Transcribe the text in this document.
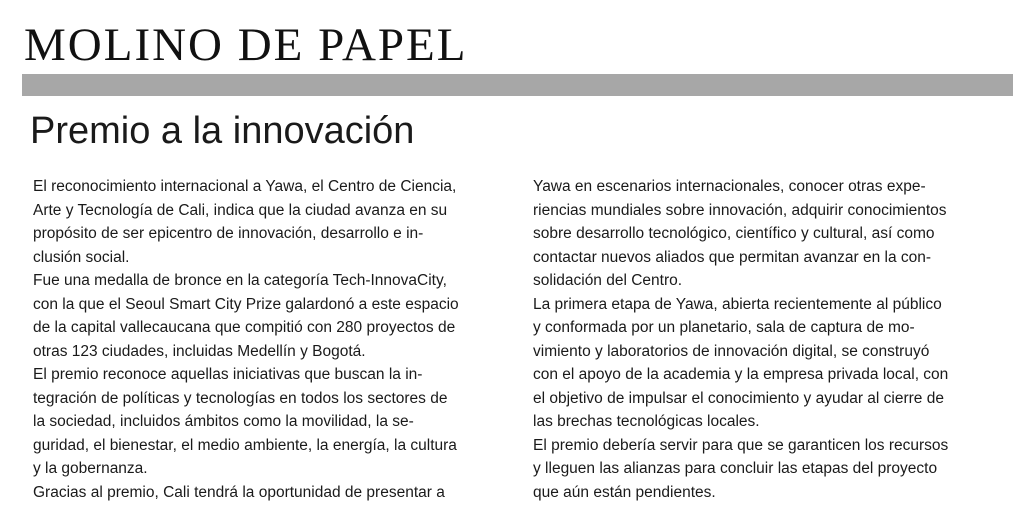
MOLINO DE PAPEL
Premio a la innovación
El reconocimiento internacional a Yawa, el Centro de Ciencia,
Arte y Tecnología de Cali, indica que la ciudad avanza en su
propósito de ser epicentro de innovación, desarrollo e in-
clusión social.
Fue una medalla de bronce en la categoría Tech-InnovaCity,
con la que el Seoul Smart City Prize galardonó a este espacio
de la capital vallecaucana que compitió con 280 proyectos de
otras 123 ciudades, incluidas Medellín y Bogotá.
El premio reconoce aquellas iniciativas que buscan la in-
tegración de políticas y tecnologías en todos los sectores de
la sociedad, incluidos ámbitos como la movilidad, la se-
guridad, el bienestar, el medio ambiente, la energía, la cultura
y la gobernanza.
Gracias al premio, Cali tendrá la oportunidad de presentar a
Yawa en escenarios internacionales, conocer otras expe-
riencias mundiales sobre innovación, adquirir conocimientos
sobre desarrollo tecnológico, científico y cultural, así como
contactar nuevos aliados que permitan avanzar en la con-
solidación del Centro.
La primera etapa de Yawa, abierta recientemente al público
y conformada por un planetario, sala de captura de mo-
vimiento y laboratorios de innovación digital, se construyó
con el apoyo de la academia y la empresa privada local, con
el objetivo de impulsar el conocimiento y ayudar al cierre de
las brechas tecnológicas locales.
El premio debería servir para que se garanticen los recursos
y lleguen las alianzas para concluir las etapas del proyecto
que aún están pendientes.
